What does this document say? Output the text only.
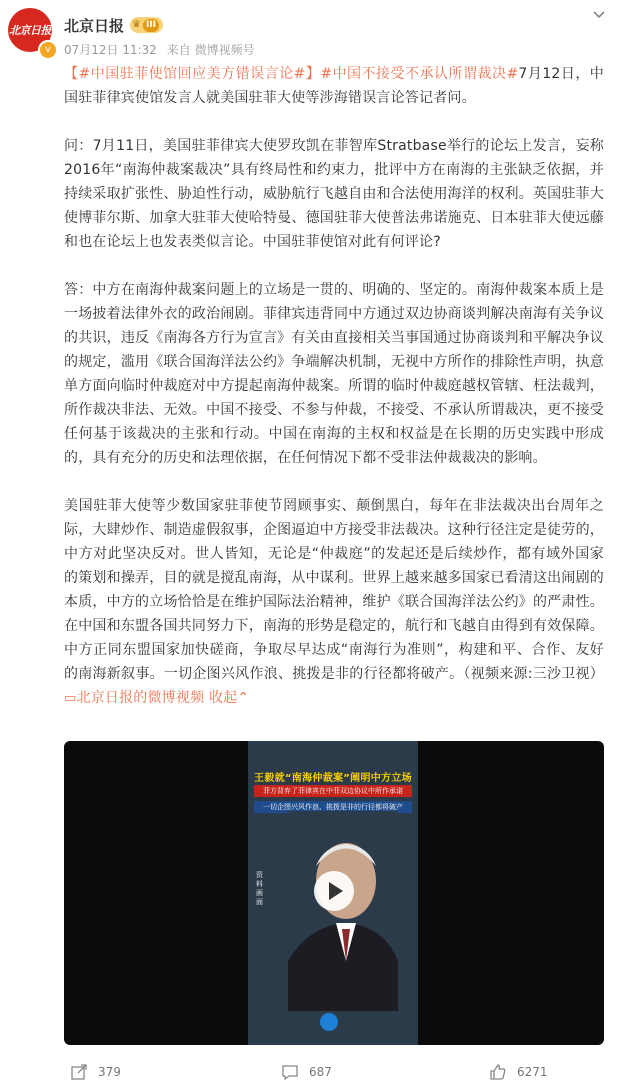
北京日报
v
北京日报 ♛ III
07月12日 11:32 来自 微博视频号

【#中国驻菲使馆回应美方错误言论#】#中国不接受不承认所谓裁决#7月12日，中国驻菲律宾使馆发言人就美国驻菲大使等涉海错误言论答记者问。

问：7月11日，美国驻菲律宾大使罗玫凯在菲智库Stratbase举行的论坛上发言，妄称2016年“南海仲裁案裁决”具有终局性和约束力，批评中方在南海的主张缺乏依据，并持续采取扩张性、胁迫性行动，威胁航行飞越自由和合法使用海洋的权利。英国驻菲大使博菲尔斯、加拿大驻菲大使哈特曼、德国驻菲大使普法弗诺施克、日本驻菲大使远藤和也在论坛上也发表类似言论。中国驻菲使馆对此有何评论?

答：中方在南海仲裁案问题上的立场是一贯的、明确的、坚定的。南海仲裁案本质上是一场披着法律外衣的政治闹剧。菲律宾违背同中方通过双边协商谈判解决南海有关争议的共识，违反《南海各方行为宣言》有关由直接相关当事国通过协商谈判和平解决争议的规定，滥用《联合国海洋法公约》争端解决机制，无视中方所作的排除性声明，执意单方面向临时仲裁庭对中方提起南海仲裁案。所谓的临时仲裁庭越权管辖、枉法裁判，所作裁决非法、无效。中国不接受、不参与仲裁，不接受、不承认所谓裁决，更不接受任何基于该裁决的主张和行动。中国在南海的主权和权益是在长期的历史实践中形成的，具有充分的历史和法理依据，在任何情况下都不受非法仲裁裁决的影响。

美国驻菲大使等少数国家驻菲使节罔顾事实、颠倒黑白，每年在非法裁决出台周年之际，大肆炒作、制造虚假叙事，企图逼迫中方接受非法裁决。这种行径注定是徒劳的，中方对此坚决反对。世人皆知，无论是“仲裁庭”的发起还是后续炒作，都有域外国家的策划和操弄，目的就是搅乱南海，从中谋利。世界上越来越多国家已看清这出闹剧的本质，中方的立场恰恰是在维护国际法治精神，维护《联合国海洋法公约》的严肃性。在中国和东盟各国共同努力下，南海的形势是稳定的，航行和飞越自由得到有效保障。中方正同东盟国家加快磋商，争取尽早达成“南海行为准则”，构建和平、合作、友好的南海新叙事。一切企图兴风作浪、挑拨是非的行径都将破产。（视频来源:三沙卫视） ▭北京日报的微博视频 收起⌃

王毅就“南海仲裁案”阐明中方立场
菲方背弃了菲律宾在中菲双边协议中所作承诺
一切企图兴风作浪、挑拨是非的行径都将破产
资料画面
379	687	6271
